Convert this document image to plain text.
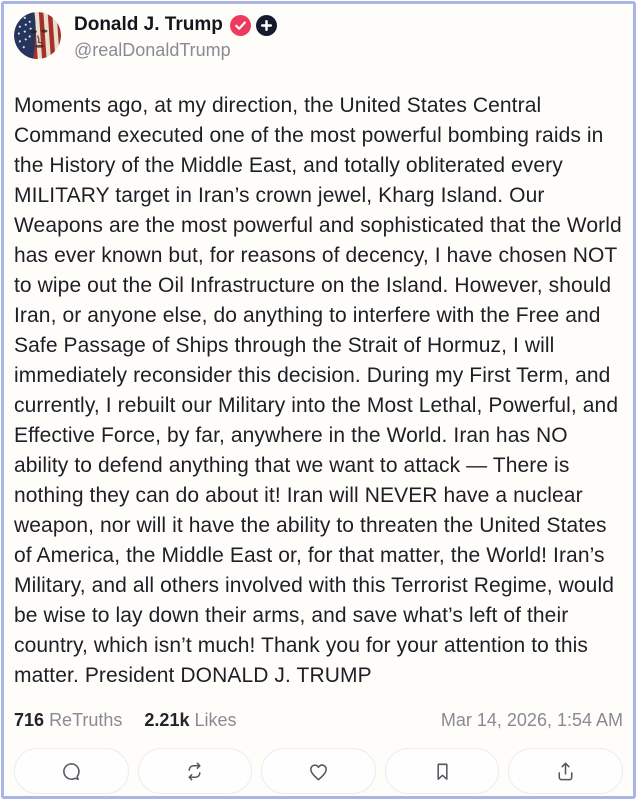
Donald J. Trump
@realDonaldTrump

Moments ago, at my direction, the United States Central Command executed one of the most powerful bombing raids in the History of the Middle East, and totally obliterated every MILITARY target in Iran’s crown jewel, Kharg Island. Our Weapons are the most powerful and sophisticated that the World has ever known but, for reasons of decency, I have chosen NOT to wipe out the Oil Infrastructure on the Island. However, should Iran, or anyone else, do anything to interfere with the Free and Safe Passage of Ships through the Strait of Hormuz, I will immediately reconsider this decision. During my First Term, and currently, I rebuilt our Military into the Most Lethal, Powerful, and Effective Force, by far, anywhere in the World. Iran has NO ability to defend anything that we want to attack — There is nothing they can do about it! Iran will NEVER have a nuclear weapon, nor will it have the ability to threaten the United States of America, the Middle East or, for that matter, the World! Iran’s Military, and all others involved with this Terrorist Regime, would be wise to lay down their arms, and save what’s left of their country, which isn’t much! Thank you for your attention to this matter. President DONALD J. TRUMP

716 ReTruths 2.21k Likes	Mar 14, 2026, 1:54 AM
